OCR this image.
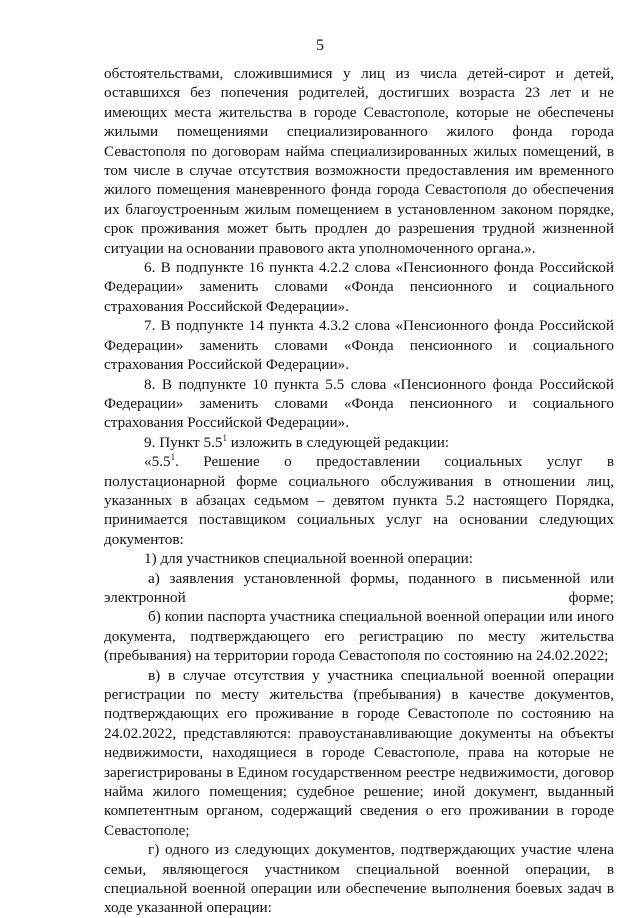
5

обстоятельствами, сложившимися у лиц из числа детей-сирот и детей, оставшихся без попечения родителей, достигших возраста 23 лет и не имеющих места жительства в городе Севастополе, которые не обеспечены жилыми помещениями специализированного жилого фонда города Севастополя по договорам найма специализированных жилых помещений, в том числе в случае отсутствия возможности предоставления им временного жилого помещения маневренного фонда города Севастополя до обеспечения их благоустроенным жилым помещением в установленном законом порядке, срок проживания может быть продлен до разрешения трудной жизненной ситуации на основании правового акта уполномоченного органа.».

6. В подпункте 16 пункта 4.2.2 слова «Пенсионного фонда Российской Федерации» заменить словами «Фонда пенсионного и социального страхования Российской Федерации».

7. В подпункте 14 пункта 4.3.2 слова «Пенсионного фонда Российской Федерации» заменить словами «Фонда пенсионного и социального страхования Российской Федерации».

8. В подпункте 10 пункта 5.5 слова «Пенсионного фонда Российской Федерации» заменить словами «Фонда пенсионного и социального страхования Российской Федерации».

9. Пункт $5.5^1$ изложить в следующей редакции:

«$5.5^1$. Решение о предоставлении социальных услуг в полустационарной форме социального обслуживания в отношении лиц, указанных в абзацах седьмом – девятом пункта 5.2 настоящего Порядка, принимается поставщиком социальных услуг на основании следующих документов:

1) для участников специальной военной операции:

а) заявления установленной формы, поданного в письменной или электронной форме;

б) копии паспорта участника специальной военной операции или иного документа, подтверждающего его регистрацию по месту жительства (пребывания) на территории города Севастополя по состоянию на 24.02.2022;

в) в случае отсутствия у участника специальной военной операции регистрации по месту жительства (пребывания) в качестве документов, подтверждающих его проживание в городе Севастополе по состоянию на 24.02.2022, представляются: правоустанавливающие документы на объекты недвижимости, находящиеся в городе Севастополе, права на которые не зарегистрированы в Едином государственном реестре недвижимости, договор найма жилого помещения; судебное решение; иной документ, выданный компетентным органом, содержащий сведения о его проживании в городе Севастополе;

г) одного из следующих документов, подтверждающих участие члена семьи, являющегося участником специальной военной операции, в специальной военной операции или обеспечение выполнения боевых задач в ходе указанной операции:
